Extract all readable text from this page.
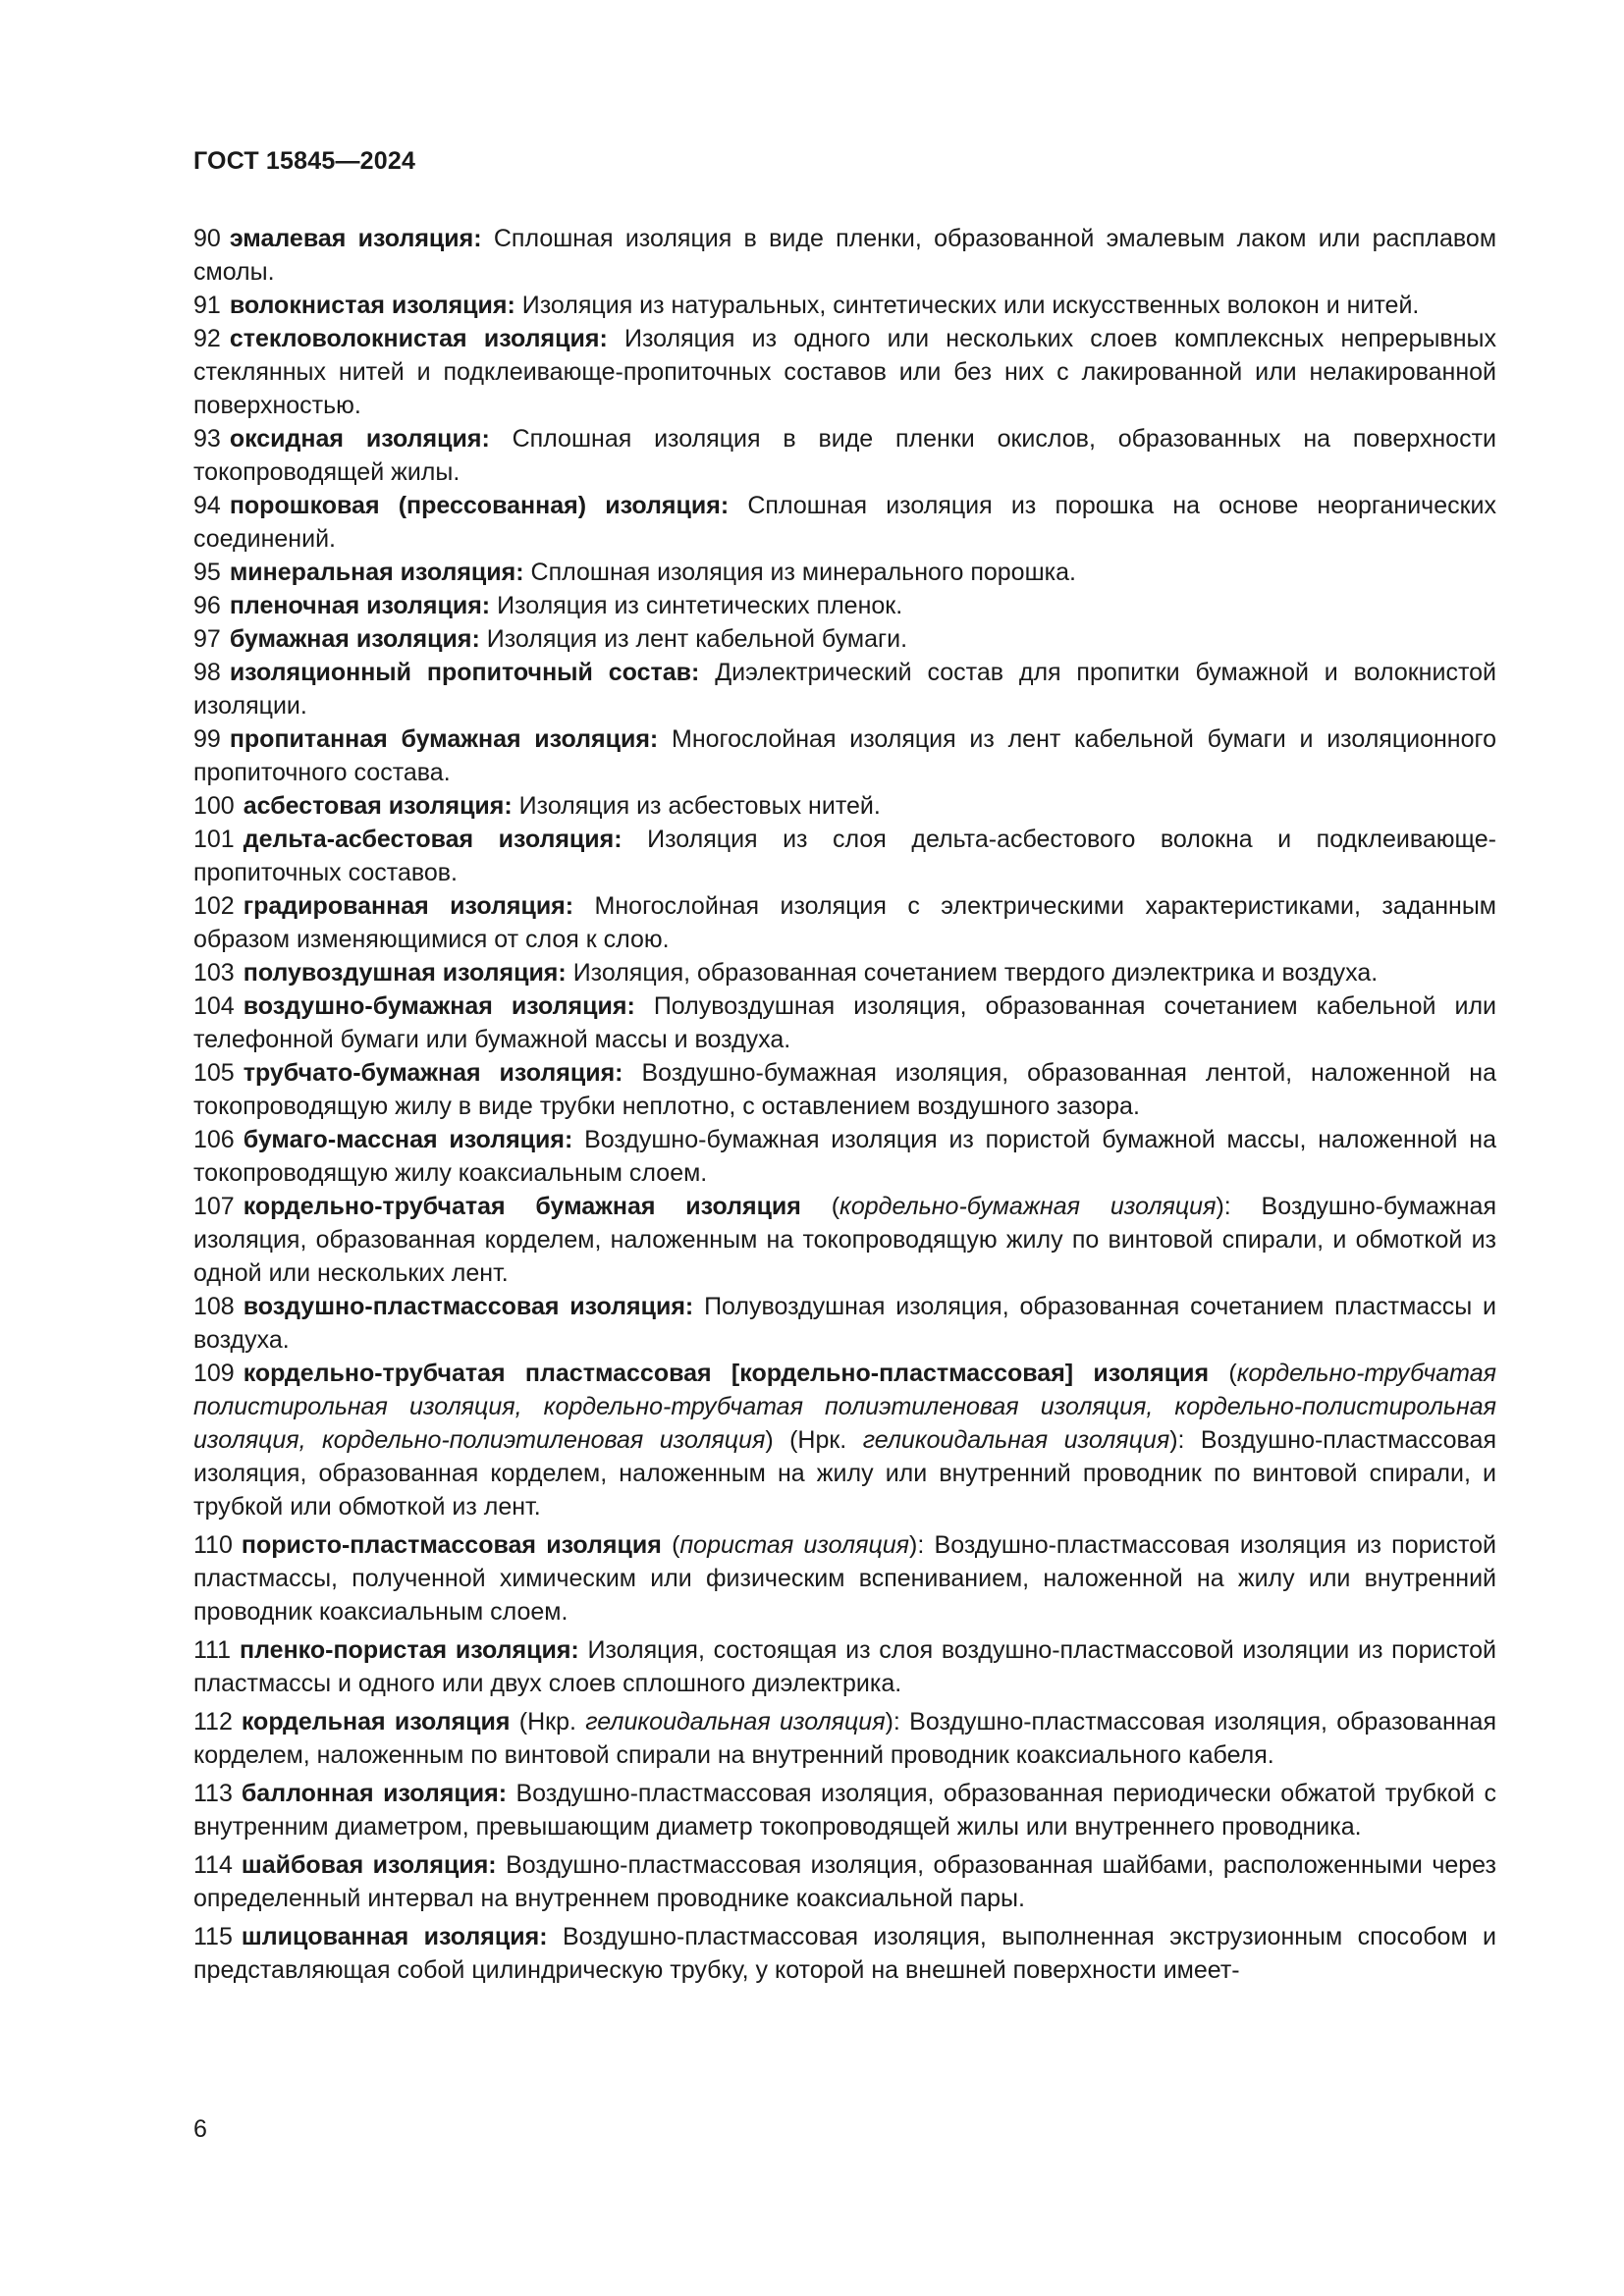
ГОСТ 15845—2024

90 эмалевая изоляция: Сплошная изоляция в виде пленки, образованной эмалевым лаком или расплавом смолы.

91 волокнистая изоляция: Изоляция из натуральных, синтетических или искусственных волокон и нитей.

92 стекловолокнистая изоляция: Изоляция из одного или нескольких слоев комплексных непрерывных стеклянных нитей и подклеивающе-пропиточных составов или без них с лакированной или нелакированной поверхностью.

93 оксидная изоляция: Сплошная изоляция в виде пленки окислов, образованных на поверхности токопроводящей жилы.

94 порошковая (прессованная) изоляция: Сплошная изоляция из порошка на основе неорганических соединений.

95 минеральная изоляция: Сплошная изоляция из минерального порошка.

96 пленочная изоляция: Изоляция из синтетических пленок.

97 бумажная изоляция: Изоляция из лент кабельной бумаги.

98 изоляционный пропиточный состав: Диэлектрический состав для пропитки бумажной и волокнистой изоляции.

99 пропитанная бумажная изоляция: Многослойная изоляция из лент кабельной бумаги и изоляционного пропиточного состава.

100 асбестовая изоляция: Изоляция из асбестовых нитей.

101 дельта-асбестовая изоляция: Изоляция из слоя дельта-асбестового волокна и подклеивающе-пропиточных составов.

102 градированная изоляция: Многослойная изоляция с электрическими характеристиками, заданным образом изменяющимися от слоя к слою.

103 полувоздушная изоляция: Изоляция, образованная сочетанием твердого диэлектрика и воздуха.

104 воздушно-бумажная изоляция: Полувоздушная изоляция, образованная сочетанием кабельной или телефонной бумаги или бумажной массы и воздуха.

105 трубчато-бумажная изоляция: Воздушно-бумажная изоляция, образованная лентой, наложенной на токопроводящую жилу в виде трубки неплотно, с оставлением воздушного зазора.

106 бумаго-массная изоляция: Воздушно-бумажная изоляция из пористой бумажной массы, наложенной на токопроводящую жилу коаксиальным слоем.

107 кордельно-трубчатая бумажная изоляция (кордельно-бумажная изоляция): Воздушно-бумажная изоляция, образованная корделем, наложенным на токопроводящую жилу по винтовой спирали, и обмоткой из одной или нескольких лент.

108 воздушно-пластмассовая изоляция: Полувоздушная изоляция, образованная сочетанием пластмассы и воздуха.

109 кордельно-трубчатая пластмассовая [кордельно-пластмассовая] изоляция (кордельно-трубчатая полистирольная изоляция, кордельно-трубчатая полиэтиленовая изоляция, кордельно-полистирольная изоляция, кордельно-полиэтиленовая изоляция) (Нрк. геликоидальная изоляция): Воздушно-пластмассовая изоляция, образованная корделем, наложенным на жилу или внутренний проводник по винтовой спирали, и трубкой или обмоткой из лент.

110 пористо-пластмассовая изоляция (пористая изоляция): Воздушно-пластмассовая изоляция из пористой пластмассы, полученной химическим или физическим вспениванием, наложенной на жилу или внутренний проводник коаксиальным слоем.

111 пленко-пористая изоляция: Изоляция, состоящая из слоя воздушно-пластмассовой изоляции из пористой пластмассы и одного или двух слоев сплошного диэлектрика.

112 кордельная изоляция (Нкр. геликоидальная изоляция): Воздушно-пластмассовая изоляция, образованная корделем, наложенным по винтовой спирали на внутренний проводник коаксиального кабеля.

113 баллонная изоляция: Воздушно-пластмассовая изоляция, образованная периодически обжатой трубкой с внутренним диаметром, превышающим диаметр токопроводящей жилы или внутреннего проводника.

114 шайбовая изоляция: Воздушно-пластмассовая изоляция, образованная шайбами, расположенными через определенный интервал на внутреннем проводнике коаксиальной пары.

115 шлицованная изоляция: Воздушно-пластмассовая изоляция, выполненная экструзионным способом и представляющая собой цилиндрическую трубку, у которой на внешней поверхности имеет-

6
